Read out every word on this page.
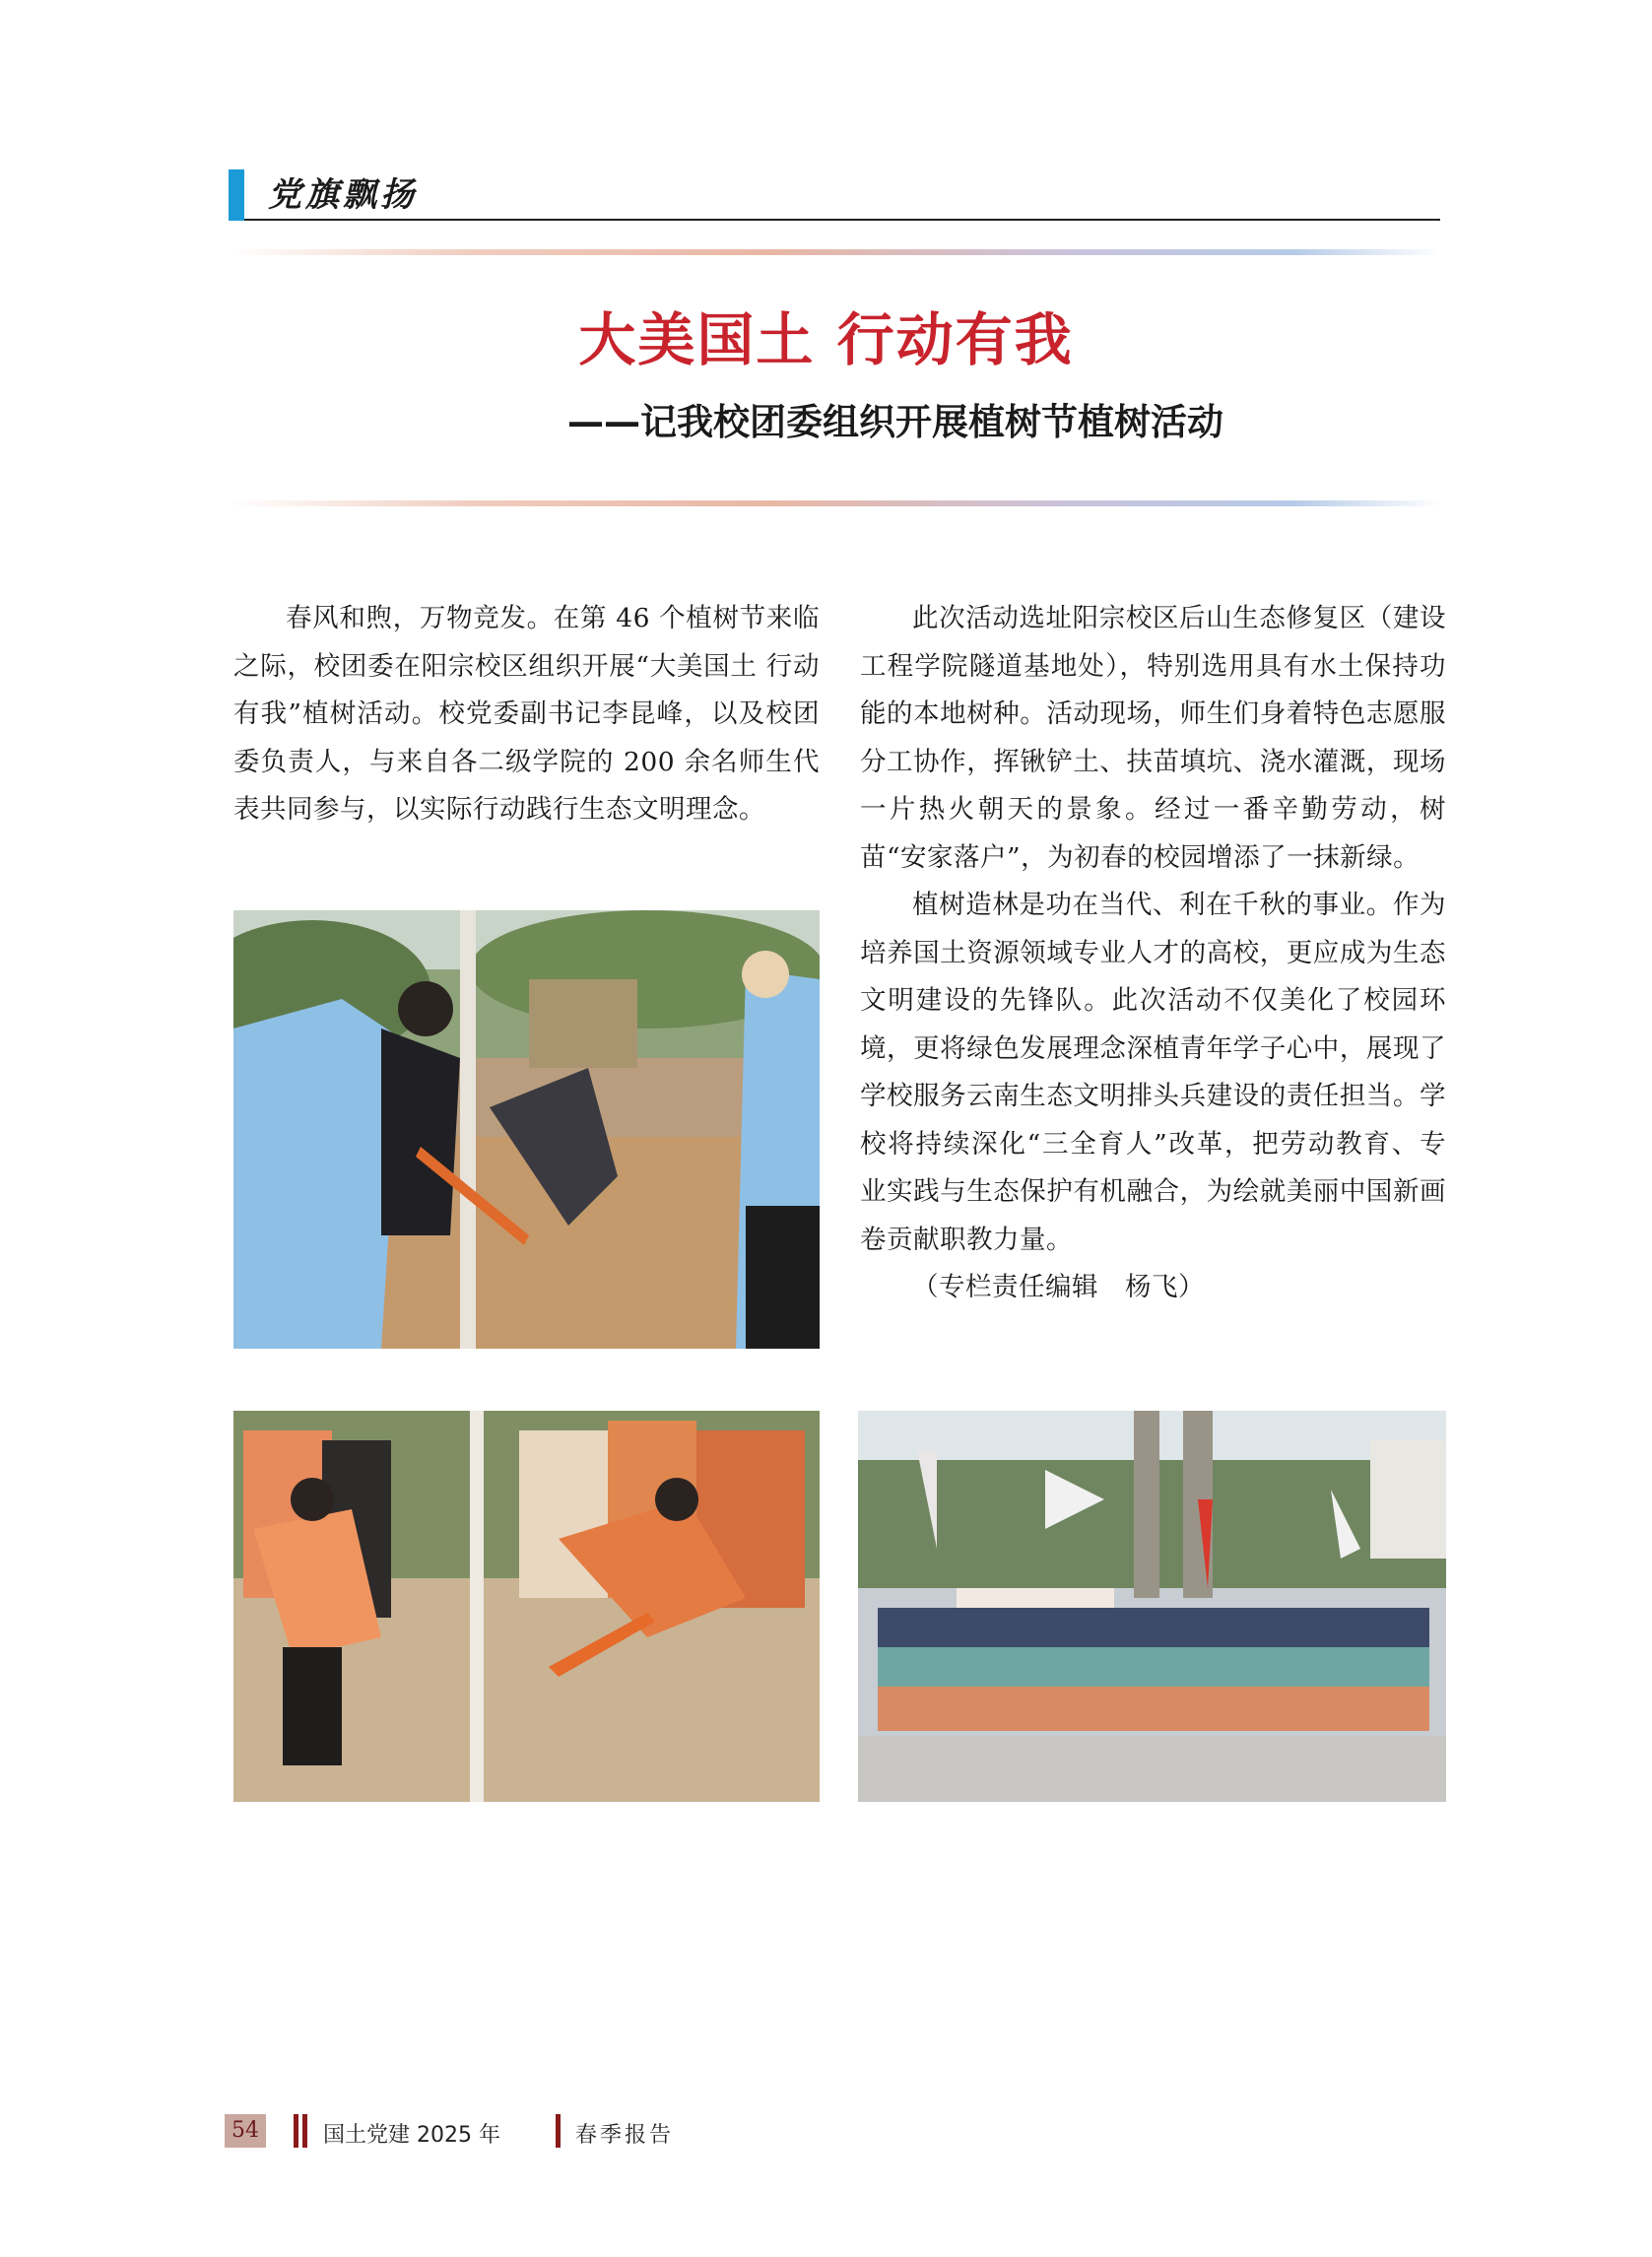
党旗飘扬
大美国土 行动有我
——记我校团委组织开展植树节植树活动

春风和煦，万物竞发。在第 46 个植树节来临之际，校团委在阳宗校区组织开展“大美国土 行动有我”植树活动。校党委副书记李昆峰，以及校团委负责人，与来自各二级学院的 200 余名师生代表共同参与，以实际行动践行生态文明理念。

此次活动选址阳宗校区后山生态修复区（建设工程学院隧道基地处），特别选用具有水土保持功能的本地树种。活动现场，师生们身着特色志愿服分工协作，挥锹铲土、扶苗填坑、浇水灌溉，现场一片热火朝天的景象。经过一番辛勤劳动，树苗“安家落户”，为初春的校园增添了一抹新绿。

植树造林是功在当代、利在千秋的事业。作为培养国土资源领域专业人才的高校，更应成为生态文明建设的先锋队。此次活动不仅美化了校园环境，更将绿色发展理念深植青年学子心中，展现了学校服务云南生态文明排头兵建设的责任担当。学校将持续深化“三全育人”改革，把劳动教育、专业实践与生态保护有机融合，为绘就美丽中国新画卷贡献职教力量。

（专栏责任编辑　杨飞）

54	国土党建 2025 年	春季报告
